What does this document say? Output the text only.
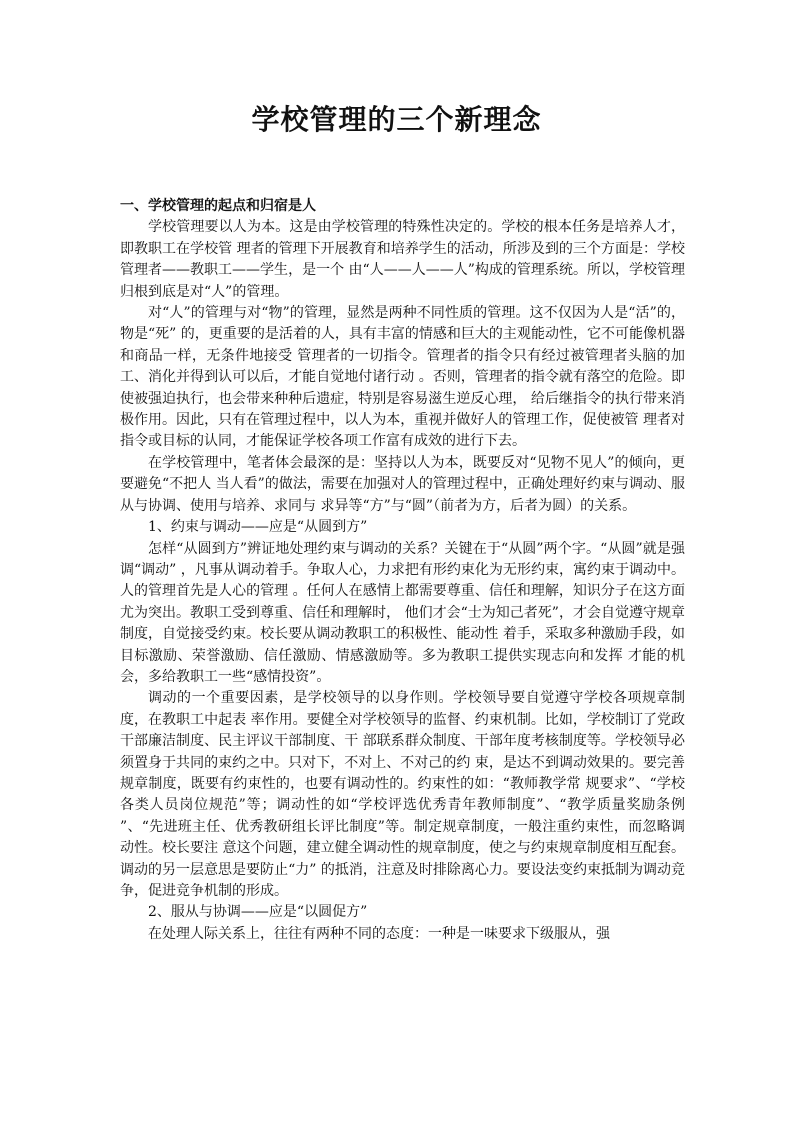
学校管理的三个新理念
一、学校管理的起点和归宿是人

学校管理要以人为本。这是由学校管理的特殊性决定的。学校的根本任务是培养人才，即教职工在学校管 理者的管理下开展教育和培养学生的活动，所涉及到的三个方面是：学校管理者——教职工——学生，是一个 由“人——人——人”构成的管理系统。所以，学校管理归根到底是对“人”的管理。

对“人”的管理与对“物”的管理，显然是两种不同性质的管理。这不仅因为人是“活”的，物是“死” 的，更重要的是活着的人，具有丰富的情感和巨大的主观能动性，它不可能像机器和商品一样，无条件地接受 管理者的一切指令。管理者的指令只有经过被管理者头脑的加工、消化并得到认可以后，才能自觉地付诸行动 。否则，管理者的指令就有落空的危险。即使被强迫执行，也会带来种种后遗症，特别是容易滋生逆反心理， 给后继指令的执行带来消极作用。因此，只有在管理过程中，以人为本，重视并做好人的管理工作，促使被管 理者对指令或目标的认同，才能保证学校各项工作富有成效的进行下去。

在学校管理中，笔者体会最深的是：坚持以人为本，既要反对“见物不见人”的倾向，更要避免“不把人 当人看”的做法，需要在加强对人的管理过程中，正确处理好约束与调动、服从与协调、使用与培养、求同与 求异等“方”与“圆”（前者为方，后者为圆）的关系。

1、约束与调动——应是“从圆到方”

怎样“从圆到方”辨证地处理约束与调动的关系？关键在于“从圆”两个字。“从圆”就是强调“调动” ，凡事从调动着手。争取人心，力求把有形约束化为无形约束，寓约束于调动中。人的管理首先是人心的管理 。任何人在感情上都需要尊重、信任和理解，知识分子在这方面尤为突出。教职工受到尊重、信任和理解时， 他们才会“士为知己者死”，才会自觉遵守规章制度，自觉接受约束。校长要从调动教职工的积极性、能动性 着手，采取多种激励手段，如目标激励、荣誉激励、信任激励、情感激励等。多为教职工提供实现志向和发挥 才能的机会，多给教职工一些“感情投资”。

调动的一个重要因素，是学校领导的以身作则。学校领导要自觉遵守学校各项规章制度，在教职工中起表 率作用。要健全对学校领导的监督、约束机制。比如，学校制订了党政干部廉洁制度、民主评议干部制度、干 部联系群众制度、干部年度考核制度等。学校领导必须置身于共同的束约之中。只对下，不对上、不对己的约 束，是达不到调动效果的。要完善规章制度，既要有约束性的，也要有调动性的。约束性的如：“教师教学常 规要求”、“学校各类人员岗位规范”等；调动性的如“学校评选优秀青年教师制度”、“教学质量奖励条例 ”、“先进班主任、优秀教研组长评比制度”等。制定规章制度，一般注重约束性，而忽略调动性。校长要注 意这个问题，建立健全调动性的规章制度，使之与约束规章制度相互配套。调动的另一层意思是要防止“力” 的抵消，注意及时排除离心力。要设法变约束抵制为调动竞争，促进竞争机制的形成。

2、服从与协调——应是“以圆促方”

在处理人际关系上，往往有两种不同的态度：一种是一味要求下级服从，强
